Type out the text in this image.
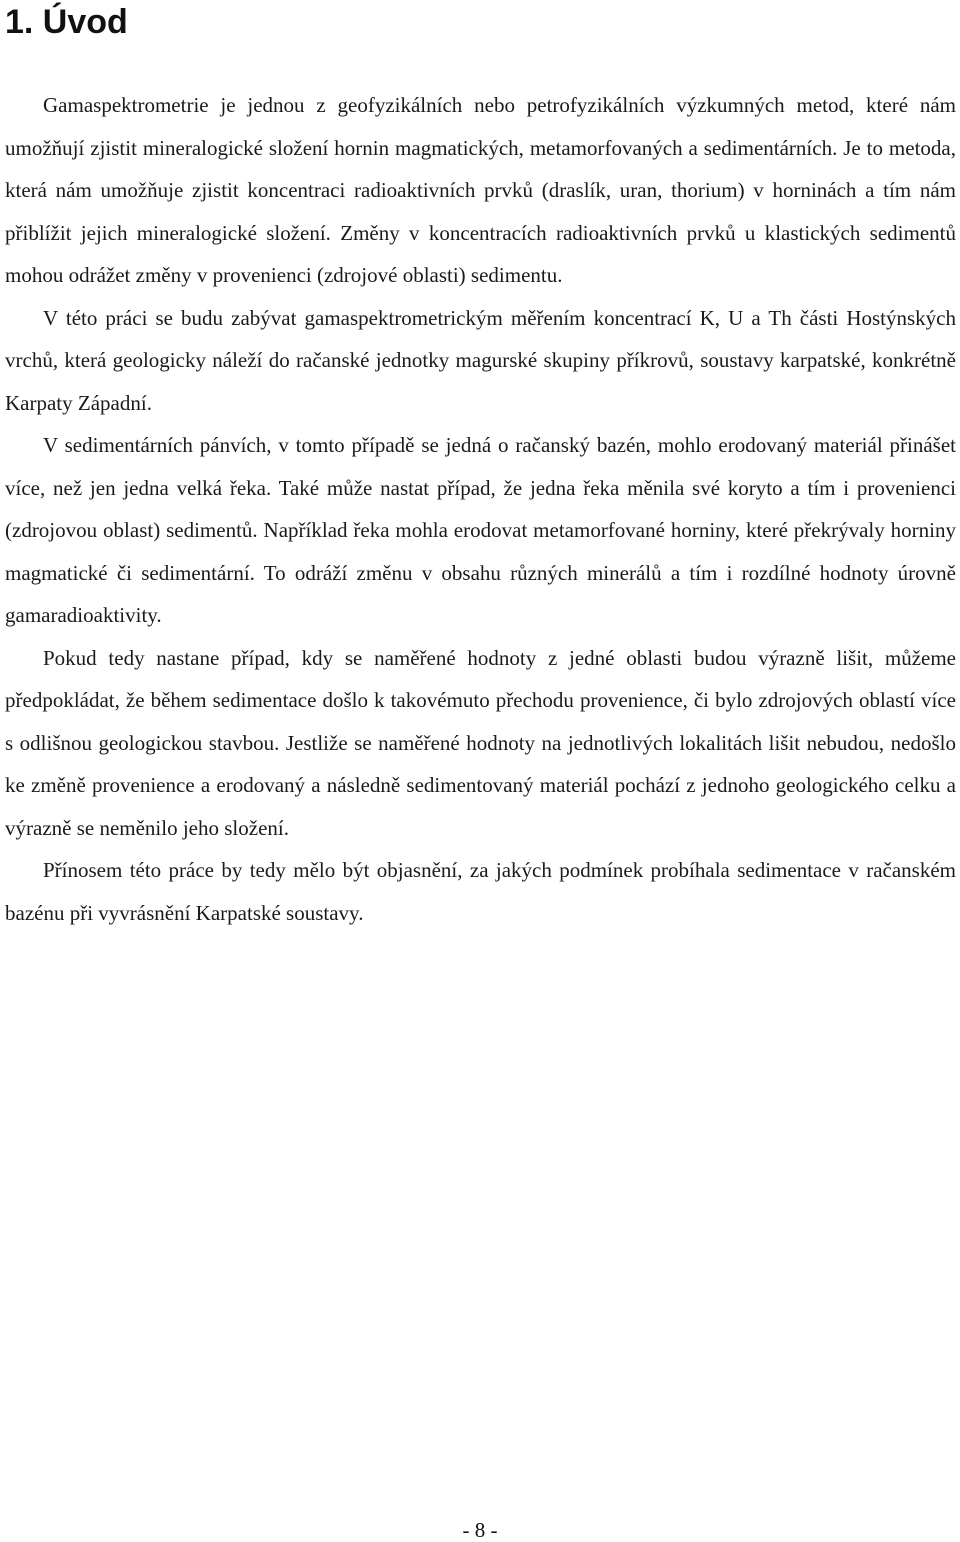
1. Úvod

Gamaspektrometrie je jednou z geofyzikálních nebo petrofyzikálních výzkumných metod, které nám umožňují zjistit mineralogické složení hornin magmatických, metamorfovaných a sedimentárních. Je to metoda, která nám umožňuje zjistit koncentraci radioaktivních prvků (draslík, uran, thorium) v horninách a tím nám přiblížit jejich mineralogické složení. Změny v koncentracích radioaktivních prvků u klastických sedimentů mohou odrážet změny v provenienci (zdrojové oblasti) sedimentu.

V této práci se budu zabývat gamaspektrometrickým měřením koncentrací K, U a Th části Hostýnských vrchů, která geologicky náleží do račanské jednotky magurské skupiny příkrovů, soustavy karpatské, konkrétně Karpaty Západní.

V sedimentárních pánvích, v tomto případě se jedná o račanský bazén, mohlo erodovaný materiál přinášet více, než jen jedna velká řeka. Také může nastat případ, že jedna řeka měnila své koryto a tím i provenienci (zdrojovou oblast) sedimentů. Například řeka mohla erodovat metamorfované horniny, které překrývaly horniny magmatické či sedimentární. To odráží změnu v obsahu různých minerálů a tím i rozdílné hodnoty úrovně gamaradioaktivity.

Pokud tedy nastane případ, kdy se naměřené hodnoty z jedné oblasti budou výrazně lišit, můžeme předpokládat, že během sedimentace došlo k takovémuto přechodu provenience, či bylo zdrojových oblastí více s odlišnou geologickou stavbou. Jestliže se naměřené hodnoty na jednotlivých lokalitách lišit nebudou, nedošlo ke změně provenience a erodovaný a následně sedimentovaný materiál pochází z jednoho geologického celku a výrazně se neměnilo jeho složení.

Přínosem této práce by tedy mělo být objasnění, za jakých podmínek probíhala sedimentace v račanském bazénu při vyvrásnění Karpatské soustavy.

- 8 -
